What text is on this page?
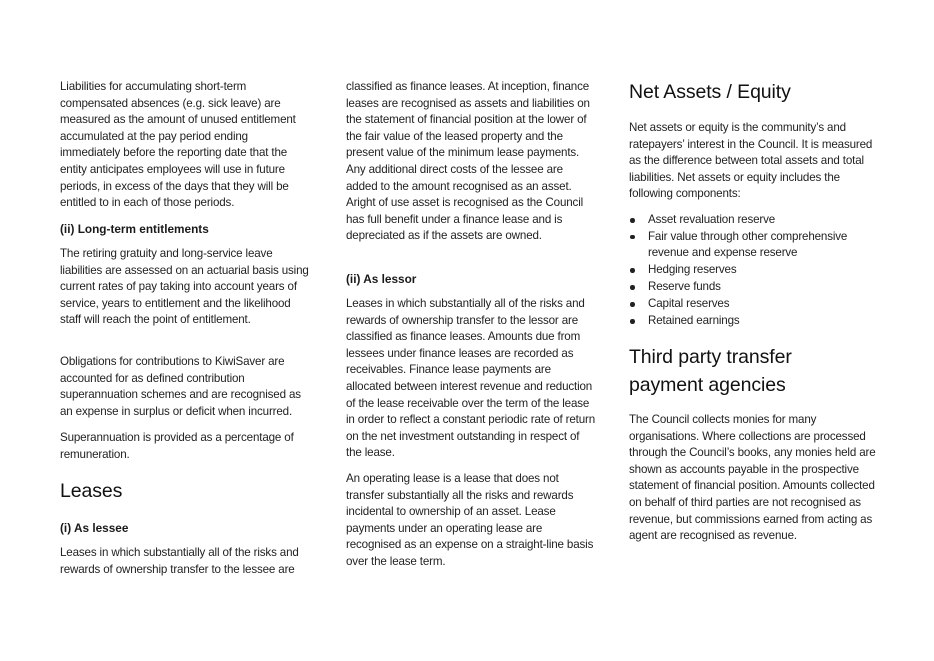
Liabilities for accumulating short-term compensated absences (e.g. sick leave) are measured as the amount of unused entitlement accumulated at the pay period ending immediately before the reporting date that the entity anticipates employees will use in future periods, in excess of the days that they will be entitled to in each of those periods.

(ii) Long-term entitlements

The retiring gratuity and long-service leave liabilities are assessed on an actuarial basis using current rates of pay taking into account years of service, years to entitlement and the likelihood staff will reach the point of entitlement.

Obligations for contributions to KiwiSaver are accounted for as defined contribution superannuation schemes and are recognised as an expense in surplus or deficit when incurred.

Superannuation is provided as a percentage of remuneration.

Leases

(i) As lessee

Leases in which substantially all of the risks and rewards of ownership transfer to the lessee are

classified as finance leases. At inception, finance leases are recognised as assets and liabilities on the statement of financial position at the lower of the fair value of the leased property and the present value of the minimum lease payments. Any additional direct costs of the lessee are added to the amount recognised as an asset. Aright of use asset is recognised as the Council has full benefit under a finance lease and is depreciated as if the assets are owned.

(ii) As lessor

Leases in which substantially all of the risks and rewards of ownership transfer to the lessor are classified as finance leases. Amounts due from lessees under finance leases are recorded as receivables. Finance lease payments are allocated between interest revenue and reduction of the lease receivable over the term of the lease in order to reflect a constant periodic rate of return on the net investment outstanding in respect of the lease.

An operating lease is a lease that does not transfer substantially all the risks and rewards incidental to ownership of an asset. Lease payments under an operating lease are recognised as an expense on a straight-line basis over the lease term.

Net Assets / Equity

Net assets or equity is the community’s and ratepayers’ interest in the Council. It is measured as the difference between total assets and total liabilities. Net assets or equity includes the following components:

Asset revaluation reserve
Fair value through other comprehensive revenue and expense reserve
Hedging reserves
Reserve funds
Capital reserves
Retained earnings
Third party transfer payment agencies

The Council collects monies for many organisations. Where collections are processed through the Council’s books, any monies held are shown as accounts payable in the prospective statement of financial position. Amounts collected on behalf of third parties are not recognised as revenue, but commissions earned from acting as agent are recognised as revenue.
